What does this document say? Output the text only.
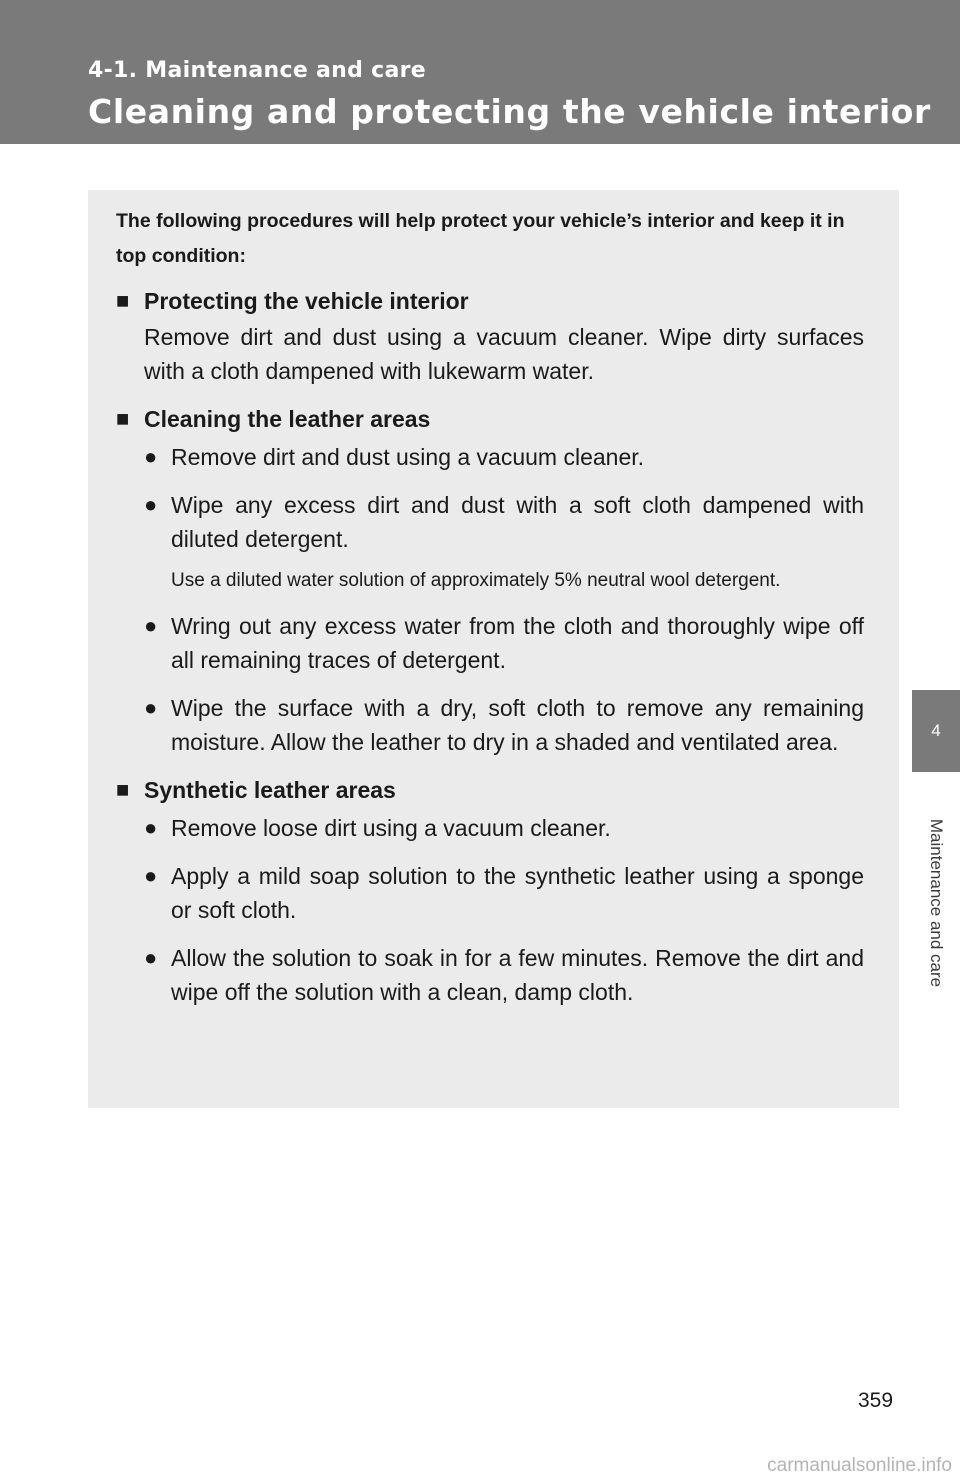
4-1. Maintenance and care
Cleaning and protecting the vehicle interior
4
Maintenance and care

The following procedures will help protect your vehicle’s interior and keep it in top condition:

■ Protecting the vehicle interior
Remove dirt and dust using a vacuum cleaner. Wipe dirty surfaces with a cloth dampened with lukewarm water.
■ Cleaning the leather areas
● Remove dirt and dust using a vacuum cleaner.
● Wipe any excess dirt and dust with a soft cloth dampened with diluted detergent.
Use a diluted water solution of approximately 5% neutral wool detergent.
● Wring out any excess water from the cloth and thoroughly wipe off all remaining traces of detergent.
● Wipe the surface with a dry, soft cloth to remove any remaining moisture. Allow the leather to dry in a shaded and ventilated area.
■ Synthetic leather areas
● Remove loose dirt using a vacuum cleaner.
● Apply a mild soap solution to the synthetic leather using a sponge or soft cloth.
● Allow the solution to soak in for a few minutes. Remove the dirt and wipe off the solution with a clean, damp cloth.
359
carmanualsonline.info
